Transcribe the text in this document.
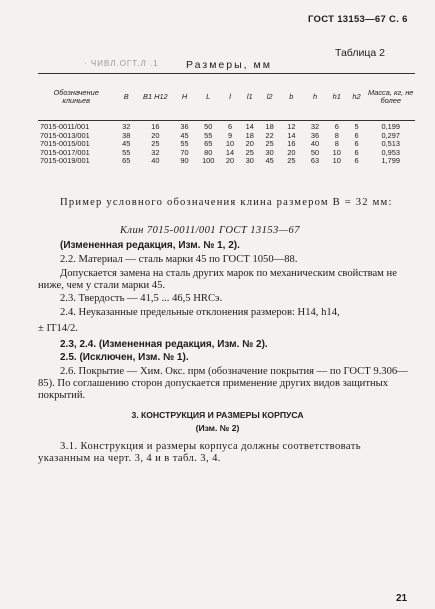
ГОСТ 13153—67 С. 6
· ЧИВЛ.ОГТ.Л .1
Таблица 2
Размеры, мм
Обозначение клиньев	B	B1 H12	H	L	l	l1	l2	b	h	h1	h2	Масса, кг, не более
7015-0011/001	32	16	36	50	6	14	18	12	32	6	5	0,199
7015-0013/001	38	20	45	55	9	18	22	14	36	8	6	0,297
7015-0015/001	45	25	55	65	10	20	25	16	40	8	6	0,513
7015-0017/001	55	32	70	80	14	25	30	20	50	10	6	0,953
7015-0019/001	65	40	90	100	20	30	45	25	63	10	6	1,799
Пример условного обозначения клина размером B = 32 мм:
Клин 7015-0011/001 ГОСТ 13153—67
(Измененная редакция, Изм. № 1, 2).
2.2. Материал — сталь марки 45 по ГОСТ 1050—88.
Допускается замена на сталь других марок по механическим свойствам не ниже, чем у стали марки 45.
2.3. Твердость — 41,5 ... 46,5 HRCэ.
2.4. Неуказанные предельные отклонения размеров: H14, h14,
± IT14/2.
2.3, 2.4. (Измененная редакция, Изм. № 2).
2.5. (Исключен, Изм. № 1).
2.6. Покрытие — Хим. Окс. прм (обозначение покрытия — по ГОСТ 9.306—85). По соглашению сторон допускается применение других видов защитных покрытий.
3. КОНСТРУКЦИЯ И РАЗМЕРЫ КОРПУСА
(Изм. № 2)
3.1. Конструкция и размеры корпуса должны соответствовать указанным на черт. 3, 4 и в табл. 3, 4.
21
